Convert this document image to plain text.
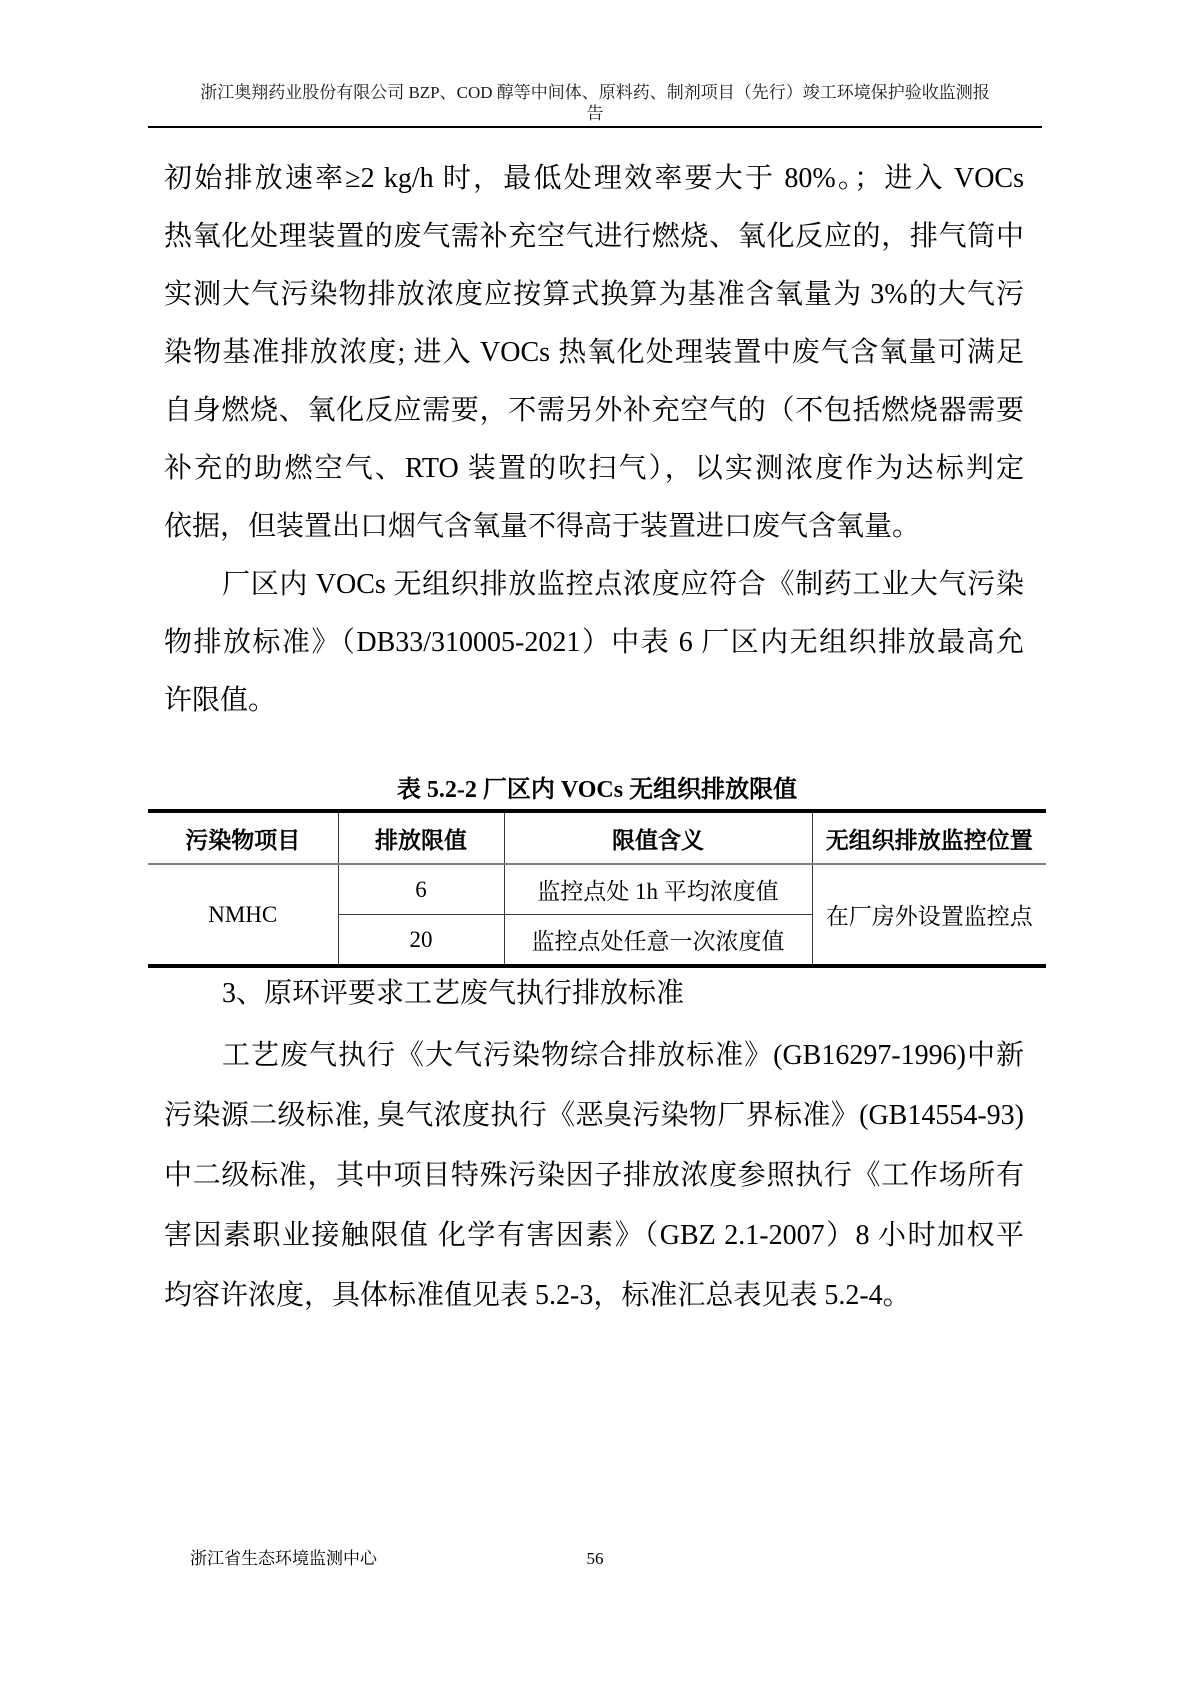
浙江奥翔药业股份有限公司 BZP、COD 醇等中间体、原料药、制剂项目（先行）竣工环境保护验收监测报
告
初始排放速率≥2 kg/h 时，最低处理效率要大于 80%。；进入 VOCs
热氧化处理装置的废气需补充空气进行燃烧、氧化反应的，排气筒中
实测大气污染物排放浓度应按算式换算为基准含氧量为 3%的大气污
染物基准排放浓度; 进入 VOCs 热氧化处理装置中废气含氧量可满足
自身燃烧、氧化反应需要，不需另外补充空气的（不包括燃烧器需要
补充的助燃空气、RTO 装置的吹扫气），以实测浓度作为达标判定
依据，但装置出口烟气含氧量不得高于装置进口废气含氧量。
厂区内 VOCs 无组织排放监控点浓度应符合《制药工业大气污染
物排放标准》（DB33/310005-2021）中表 6 厂区内无组织排放最高允
许限值。
表 5.2-2 厂区内 VOCs 无组织排放限值
污染物项目	排放限值	限值含义	无组织排放监控位置
NMHC	6	监控点处 1h 平均浓度值	在厂房外设置监控点
	20	监控点处任意一次浓度值	
3、原环评要求工艺废气执行排放标准
工艺废气执行《大气污染物综合排放标准》(GB16297-1996)中新
污染源二级标准, 臭气浓度执行《恶臭污染物厂界标准》(GB14554-93)
中二级标准，其中项目特殊污染因子排放浓度参照执行《工作场所有
害因素职业接触限值 化学有害因素》（GBZ 2.1-2007）8 小时加权平
均容许浓度，具体标准值见表 5.2-3，标准汇总表见表 5.2-4。
56
浙江省生态环境监测中心
